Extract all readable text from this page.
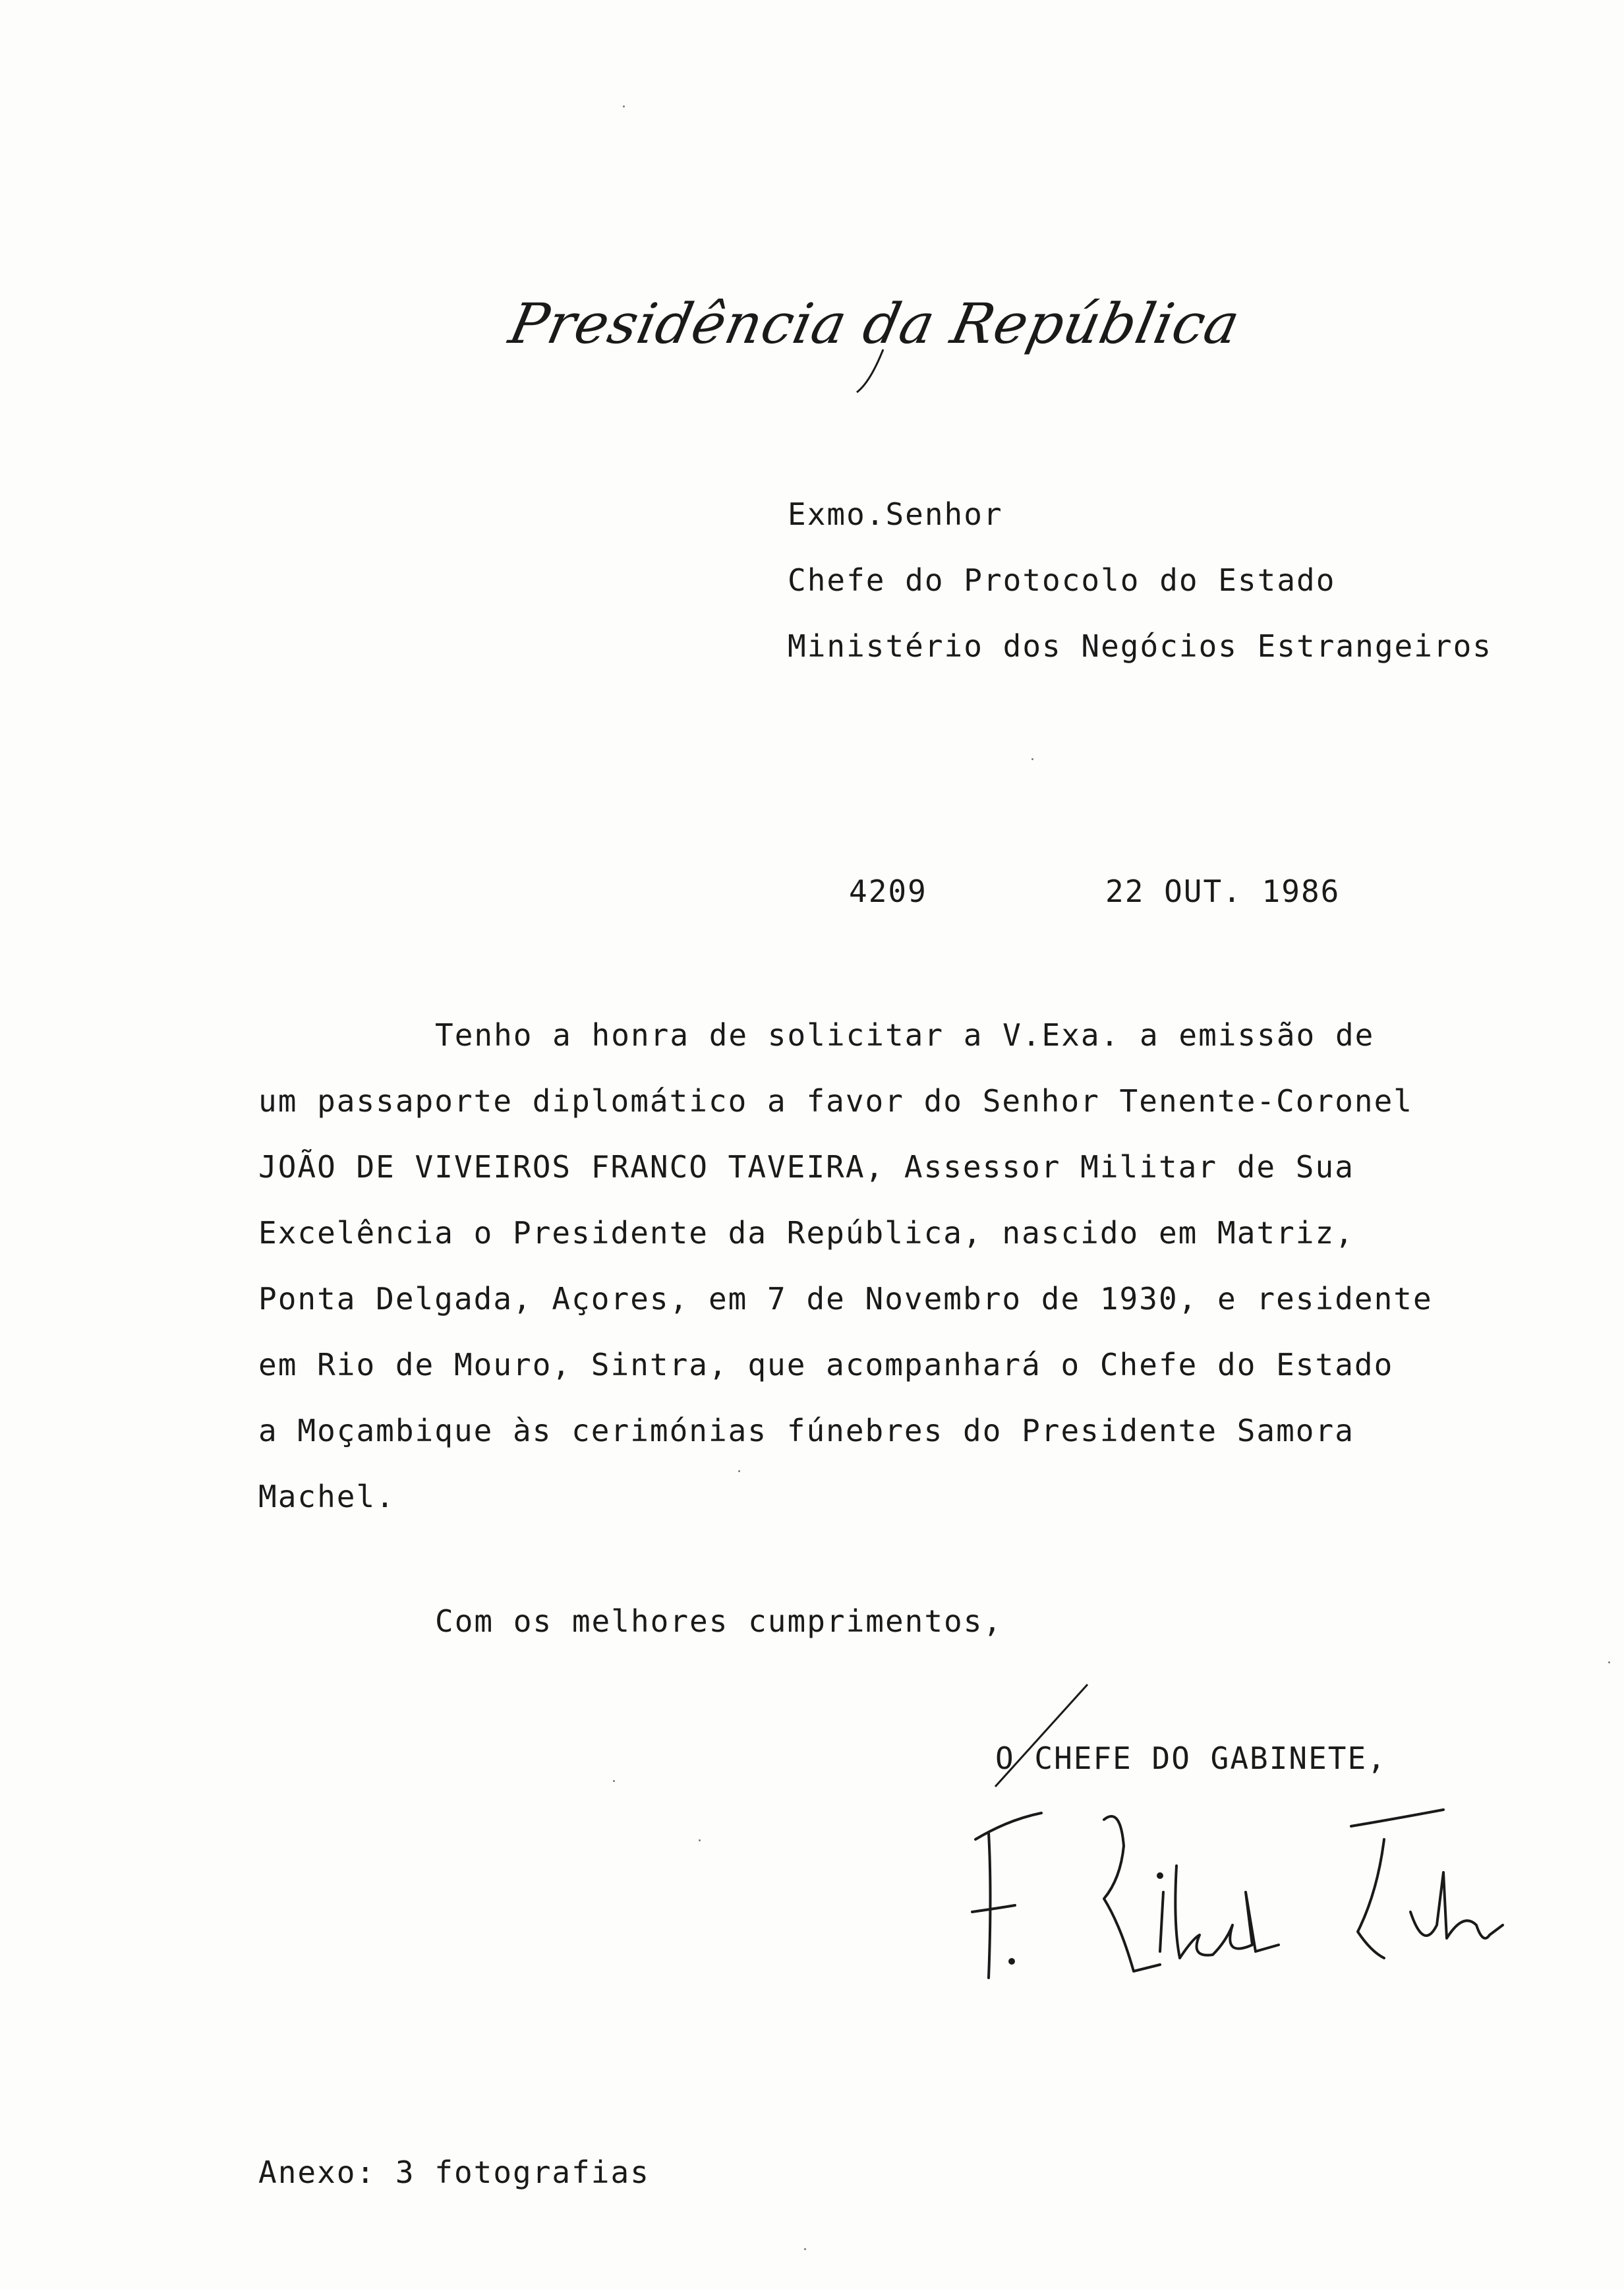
Presidência da República
Exmo.Senhor
Chefe do Protocolo do Estado
Ministério dos Negócios Estrangeiros
4209	22 OUT. 1986
Tenho a honra de solicitar a V.Exa. a emissão de
um passaporte diplomático a favor do Senhor Tenente-Coronel
JOÃO DE VIVEIROS FRANCO TAVEIRA, Assessor Militar de Sua
Excelência o Presidente da República, nascido em Matriz,
Ponta Delgada, Açores, em 7 de Novembro de 1930, e residente
em Rio de Mouro, Sintra, que acompanhará o Chefe do Estado
a Moçambique às cerimónias fúnebres do Presidente Samora
Machel.
Com os melhores cumprimentos,
O CHEFE DO GABINETE,
Anexo: 3 fotografias
